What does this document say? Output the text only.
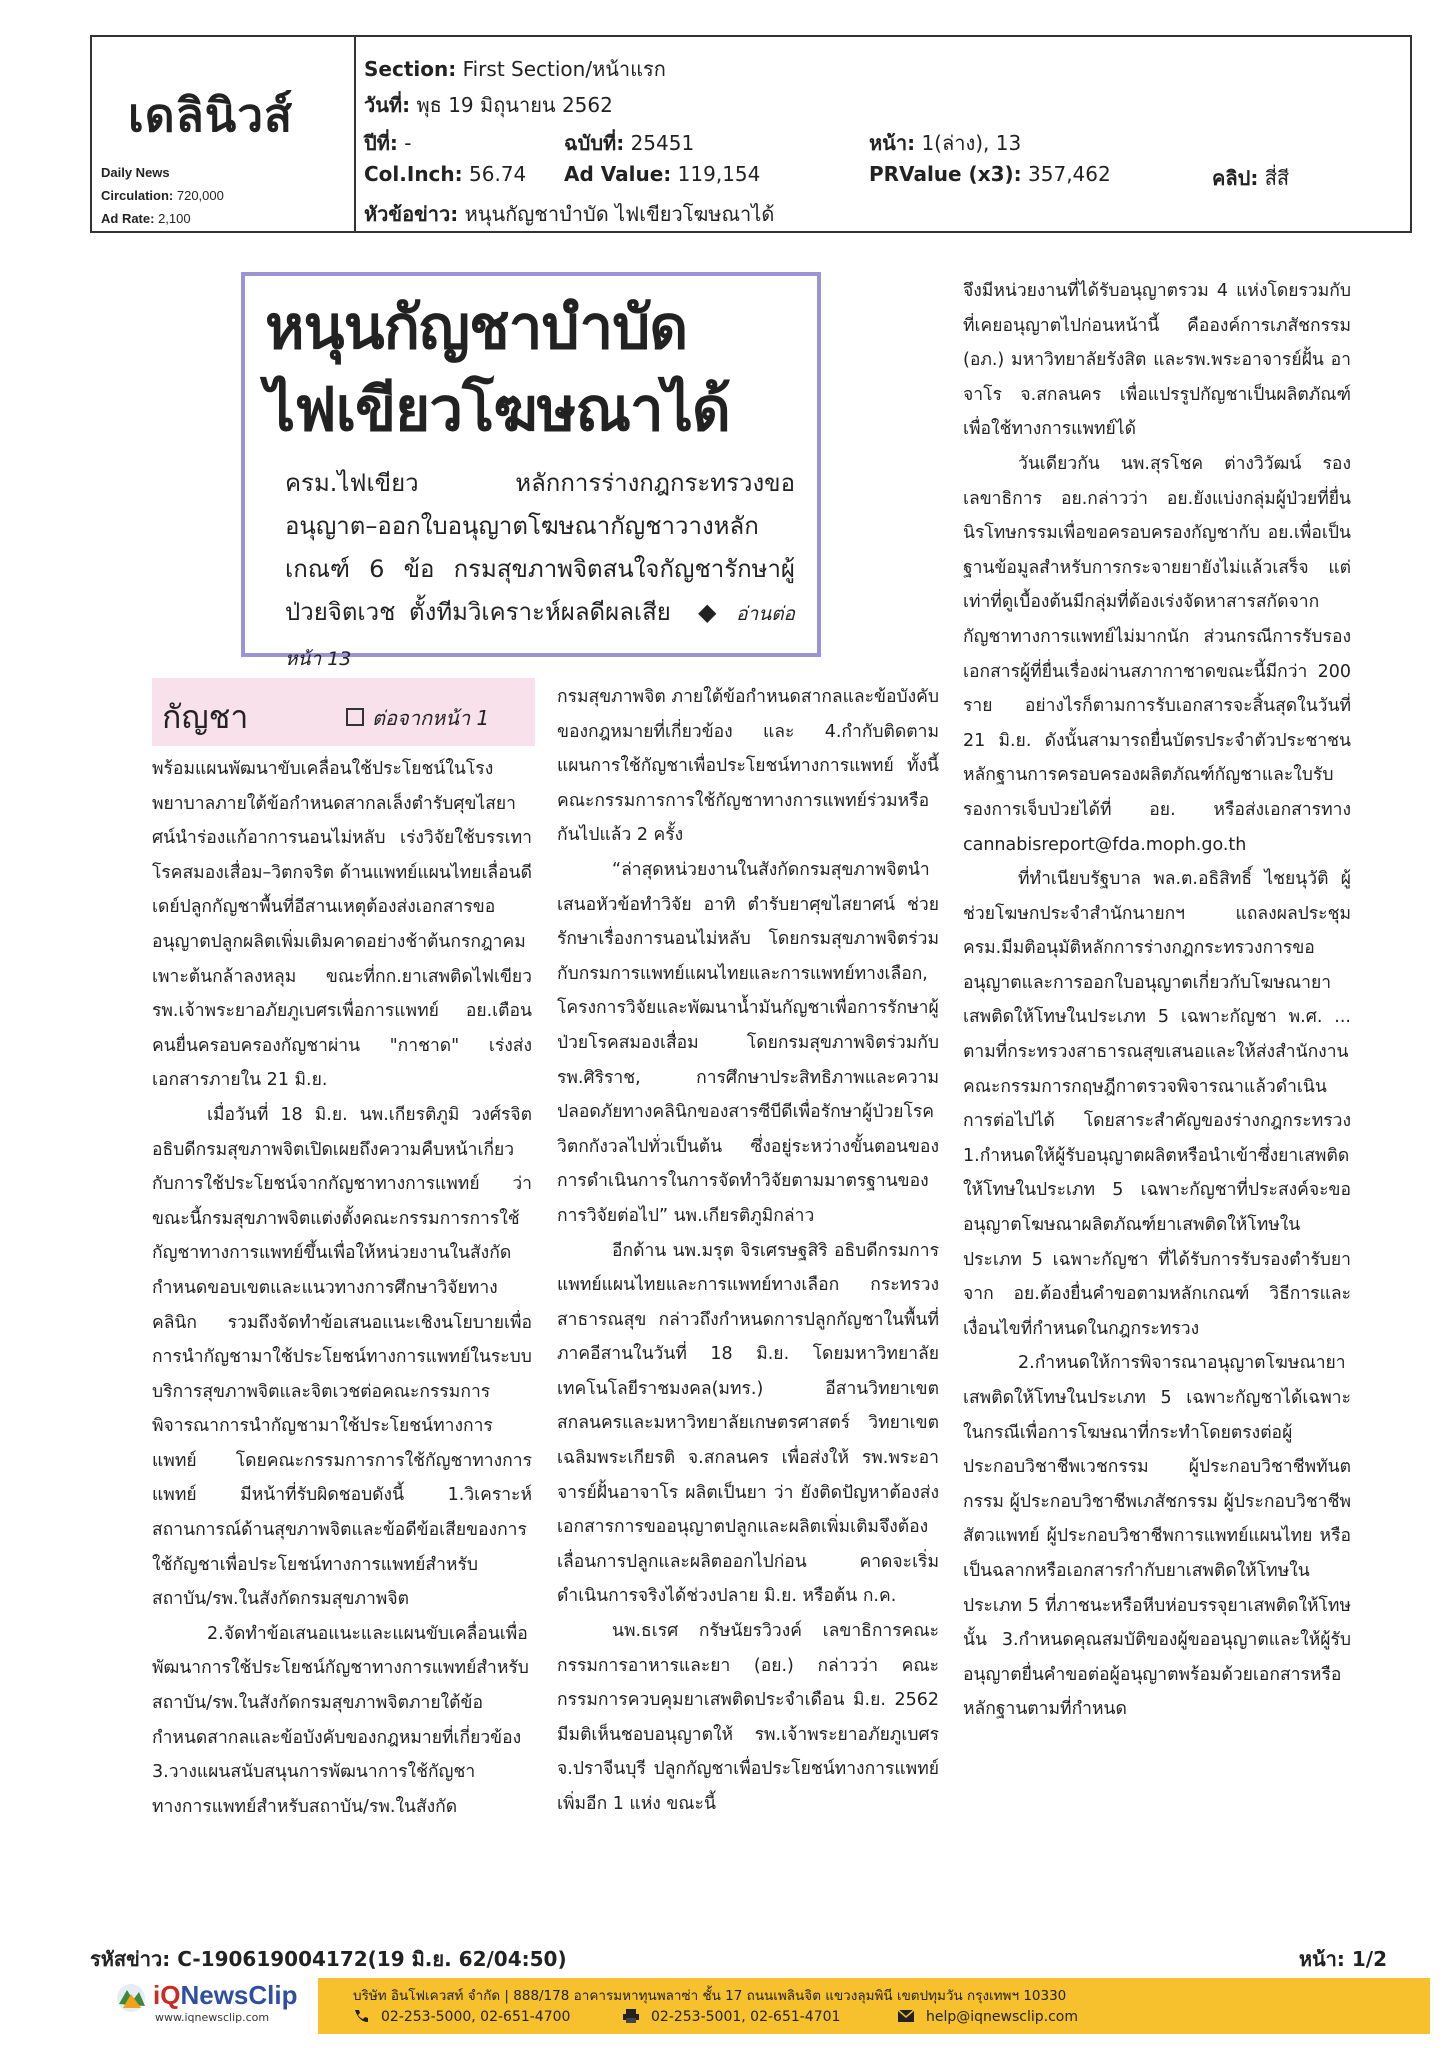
เดลินิวส์
Daily News
Circulation: 720,000
Ad Rate: 2,100
Section: First Section/หน้าแรก
วันที่: พุธ 19 มิถุนายน 2562
ปีที่: -	ฉบับที่: 25451	หน้า: 1(ล่าง), 13
Col.Inch: 56.74 Ad Value: 119,154	PRValue (x3): 357,462	คลิป: สี่สี
หัวข้อข่าว: หนุนกัญชาบำบัด ไฟเขียวโฆษณาได้
หนุนกัญชาบำบัด
ไฟเขียวโฆษณาได้
ครม.ไฟเขียว หลักการร่างกฎกระทรวงขออนุญาต–ออกใบอนุญาตโฆษณากัญชาวางหลักเกณฑ์ 6 ข้อ กรมสุขภาพจิตสนใจกัญชารักษาผู้ป่วยจิตเวช ตั้งทีมวิเคราะห์ผลดีผลเสีย  ◆ อ่านต่อหน้า 13
กัญชา	ต่อจากหน้า 1

พร้อมแผนพัฒนาขับเคลื่อนใช้ประโยชน์ในโรงพยาบาลภายใต้ข้อกำหนดสากลเล็งตำรับศุขไสยาศน์นำร่องแก้อาการนอนไม่หลับ เร่งวิจัยใช้บรรเทาโรคสมองเสื่อม–วิตกจริต ด้านแพทย์แผนไทยเลื่อนดีเดย์ปลูกกัญชาพื้นที่อีสานเหตุต้องส่งเอกสารขออนุญาตปลูกผลิตเพิ่มเติมคาดอย่างช้าต้นกรกฎาคมเพาะต้นกล้าลงหลุม ขณะที่กก.ยาเสพติดไฟเขียว รพ.เจ้าพระยาอภัยภูเบศรเพื่อการแพทย์ อย.เตือนคนยื่นครอบครองกัญชาผ่าน "กาชาด" เร่งส่งเอกสารภายใน 21 มิ.ย.

เมื่อวันที่ 18 มิ.ย. นพ.เกียรติภูมิ วงศ์รจิต อธิบดีกรมสุขภาพจิตเปิดเผยถึงความคืบหน้าเกี่ยวกับการใช้ประโยชน์จากกัญชาทางการแพทย์ ว่า ขณะนี้กรมสุขภาพจิตแต่งตั้งคณะกรรมการการใช้กัญชาทางการแพทย์ขึ้นเพื่อให้หน่วยงานในสังกัดกำหนดขอบเขตและแนวทางการศึกษาวิจัยทางคลินิก รวมถึงจัดทำข้อเสนอแนะเชิงนโยบายเพื่อการนำกัญชามาใช้ประโยชน์ทางการแพทย์ในระบบบริการสุขภาพจิตและจิตเวชต่อคณะกรรมการพิจารณาการนำกัญชามาใช้ประโยชน์ทางการแพทย์ โดยคณะกรรมการการใช้กัญชาทางการแพทย์ มีหน้าที่รับผิดชอบดังนี้ 1.วิเคราะห์สถานการณ์ด้านสุขภาพจิตและข้อดีข้อเสียของการใช้กัญชาเพื่อประโยชน์ทางการแพทย์สำหรับสถาบัน/รพ.ในสังกัดกรมสุขภาพจิต

2.จัดทำข้อเสนอแนะและแผนขับเคลื่อนเพื่อพัฒนาการใช้ประโยชน์กัญชาทางการแพทย์สำหรับสถาบัน/รพ.ในสังกัดกรมสุขภาพจิตภายใต้ข้อกำหนดสากลและข้อบังคับของกฎหมายที่เกี่ยวข้อง 3.วางแผนสนับสนุนการพัฒนาการใช้กัญชาทางการแพทย์สำหรับสถาบัน/รพ.ในสังกัด

กรมสุขภาพจิต ภายใต้ข้อกำหนดสากลและข้อบังคับของกฎหมายที่เกี่ยวข้อง และ 4.กำกับติดตามแผนการใช้กัญชาเพื่อประโยชน์ทางการแพทย์ ทั้งนี้คณะกรรมการการใช้กัญชาทางการแพทย์ร่วมหรือกันไปแล้ว 2 ครั้ง

“ล่าสุดหน่วยงานในสังกัดกรมสุขภาพจิตนำเสนอหัวข้อทำวิจัย อาทิ ตำรับยาศุขไสยาศน์ ช่วยรักษาเรื่องการนอนไม่หลับ โดยกรมสุขภาพจิตร่วมกับกรมการแพทย์แผนไทยและการแพทย์ทางเลือก, โครงการวิจัยและพัฒนาน้ำมันกัญชาเพื่อการรักษาผู้ป่วยโรคสมองเสื่อม โดยกรมสุขภาพจิตร่วมกับ รพ.ศิริราช, การศึกษาประสิทธิภาพและความปลอดภัยทางคลินิกของสารซีบีดีเพื่อรักษาผู้ป่วยโรควิตกกังวลไปทั่วเป็นต้น ซึ่งอยู่ระหว่างขั้นตอนของการดำเนินการในการจัดทำวิจัยตามมาตรฐานของการวิจัยต่อไป” นพ.เกียรติภูมิกล่าว

อีกด้าน นพ.มรุต จิรเศรษฐสิริ อธิบดีกรมการแพทย์แผนไทยและการแพทย์ทางเลือก กระทรวงสาธารณสุข กล่าวถึงกำหนดการปลูกกัญชาในพื้นที่ภาคอีสานในวันที่ 18 มิ.ย. โดยมหาวิทยาลัยเทคโนโลยีราชมงคล(มทร.) อีสานวิทยาเขตสกลนครและมหาวิทยาลัยเกษตรศาสตร์ วิทยาเขตเฉลิมพระเกียรติ จ.สกลนคร เพื่อส่งให้ รพ.พระอาจารย์ฝั้นอาจาโร ผลิตเป็นยา ว่า ยังติดปัญหาต้องส่งเอกสารการขออนุญาตปลูกและผลิตเพิ่มเติมจึงต้องเลื่อนการปลูกและผลิตออกไปก่อน คาดจะเริ่มดำเนินการจริงได้ช่วงปลาย มิ.ย. หรือต้น ก.ค.

นพ.ธเรศ กรัษนัยรวิวงค์ เลขาธิการคณะกรรมการอาหารและยา (อย.) กล่าวว่า คณะกรรมการควบคุมยาเสพติดประจำเดือน มิ.ย. 2562 มีมติเห็นชอบอนุญาตให้ รพ.เจ้าพระยาอภัยภูเบศร จ.ปราจีนบุรี ปลูกกัญชาเพื่อประโยชน์ทางการแพทย์เพิ่มอีก 1 แห่ง ขณะนี้

จึงมีหน่วยงานที่ได้รับอนุญาตรวม 4 แห่งโดยรวมกับที่เคยอนุญาตไปก่อนหน้านี้ คือองค์การเภสัชกรรม (อภ.) มหาวิทยาลัยรังสิต และรพ.พระอาจารย์ฝั้น อาจาโร จ.สกลนคร เพื่อแปรรูปกัญชาเป็นผลิตภัณฑ์เพื่อใช้ทางการแพทย์ได้

วันเดียวกัน นพ.สุรโชค ต่างวิวัฒน์ รองเลขาธิการ อย.กล่าวว่า อย.ยังแบ่งกลุ่มผู้ป่วยที่ยื่นนิรโทษกรรมเพื่อขอครอบครองกัญชากับ อย.เพื่อเป็นฐานข้อมูลสำหรับการกระจายยายังไม่แล้วเสร็จ แต่เท่าที่ดูเบื้องต้นมีกลุ่มที่ต้องเร่งจัดหาสารสกัดจากกัญชาทางการแพทย์ไม่มากนัก ส่วนกรณีการรับรองเอกสารผู้ที่ยื่นเรื่องผ่านสภากาชาดขณะนี้มีกว่า 200 ราย อย่างไรก็ตามการรับเอกสารจะสิ้นสุดในวันที่ 21 มิ.ย. ดังนั้นสามารถยื่นบัตรประจำตัวประชาชน หลักฐานการครอบครองผลิตภัณฑ์กัญชาและใบรับรองการเจ็บป่วยได้ที่ อย. หรือส่งเอกสารทาง cannabisreport@fda.moph.go.th

ที่ทำเนียบรัฐบาล พล.ต.อธิสิทธิ์ ไชยนุวัติ ผู้ช่วยโฆษกประจำสำนักนายกฯ แถลงผลประชุม ครม.มีมติอนุมัติหลักการร่างกฎกระทรวงการขออนุญาตและการออกใบอนุญาตเกี่ยวกับโฆษณายาเสพติดให้โทษในประเภท 5 เฉพาะกัญชา พ.ศ. ... ตามที่กระทรวงสาธารณสุขเสนอและให้ส่งสำนักงานคณะกรรมการกฤษฎีกาตรวจพิจารณาแล้วดำเนินการต่อไปได้ โดยสาระสำคัญของร่างกฎกระทรวง 1.กำหนดให้ผู้รับอนุญาตผลิตหรือนำเข้าซึ่งยาเสพติดให้โทษในประเภท 5 เฉพาะกัญชาที่ประสงค์จะขออนุญาตโฆษณาผลิตภัณฑ์ยาเสพติดให้โทษในประเภท 5 เฉพาะกัญชา ที่ได้รับการรับรองตำรับยาจาก อย.ต้องยื่นคำขอตามหลักเกณฑ์ วิธีการและเงื่อนไขที่กำหนดในกฎกระทรวง

2.กำหนดให้การพิจารณาอนุญาตโฆษณายาเสพติดให้โทษในประเภท 5 เฉพาะกัญชาได้เฉพาะในกรณีเพื่อการโฆษณาที่กระทำโดยตรงต่อผู้ประกอบวิชาชีพเวชกรรม ผู้ประกอบวิชาชีพทันตกรรม ผู้ประกอบวิชาชีพเภสัชกรรม ผู้ประกอบวิชาชีพสัตวแพทย์ ผู้ประกอบวิชาชีพการแพทย์แผนไทย หรือเป็นฉลากหรือเอกสารกำกับยาเสพติดให้โทษในประเภท 5 ที่ภาชนะหรือหีบห่อบรรจุยาเสพติดให้โทษนั้น 3.กำหนดคุณสมบัติของผู้ขออนุญาตและให้ผู้รับอนุญาตยื่นคำขอต่อผู้อนุญาตพร้อมด้วยเอกสารหรือหลักฐานตามที่กำหนด

รหัสข่าว: C-190619004172(19 มิ.ย. 62/04:50)	หน้า: 1/2
iQNewsClip
www.iqnewsclip.com
บริษัท อินโฟเควสท์ จำกัด | 888/178 อาคารมหาทุนพลาซ่า ชั้น 17 ถนนเพลินจิต แขวงลุมพินี เขตปทุมวัน กรุงเทพฯ 10330
02-253-5000, 02-651-4700	02-253-5001, 02-651-4701	help@iqnewsclip.com
